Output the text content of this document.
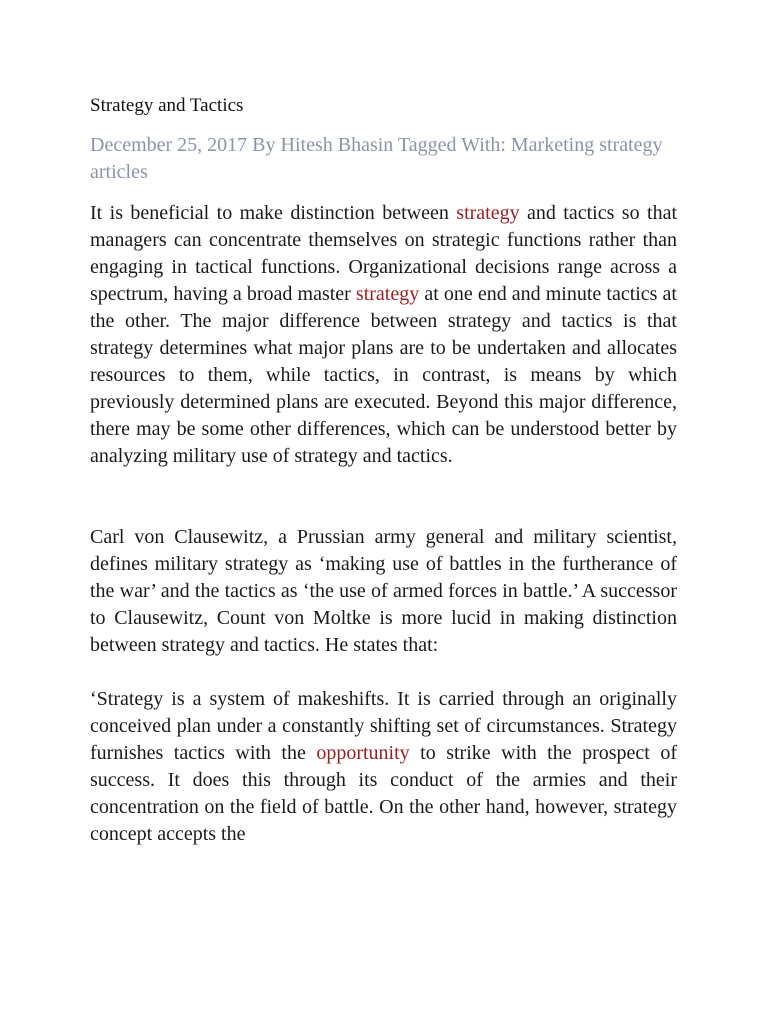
Strategy and Tactics
December 25, 2017 By Hitesh Bhasin Tagged With: Marketing strategy articles

It is beneficial to make distinction between strategy and tactics so that managers can concentrate themselves on strategic functions rather than engaging in tactical functions. Organizational decisions range across a spectrum, having a broad master strategy at one end and minute tactics at the other. The major difference between strategy and tactics is that strategy determines what major plans are to be undertaken and allocates resources to them, while tactics, in contrast, is means by which previously determined plans are executed. Beyond this major difference, there may be some other differences, which can be understood better by analyzing military use of strategy and tactics.

Carl von Clausewitz, a Prussian army general and military scientist, defines military strategy as ‘making use of battles in the furtherance of the war’ and the tactics as ‘the use of armed forces in battle.’ A successor to Clausewitz, Count von Moltke is more lucid in making distinction between strategy and tactics. He states that:

‘Strategy is a system of makeshifts. It is carried through an originally conceived plan under a constantly shifting set of circumstances. Strategy furnishes tactics with the opportunity to strike with the prospect of success. It does this through its conduct of the armies and their concentration on the field of battle. On the other hand, however, strategy concept accepts the
